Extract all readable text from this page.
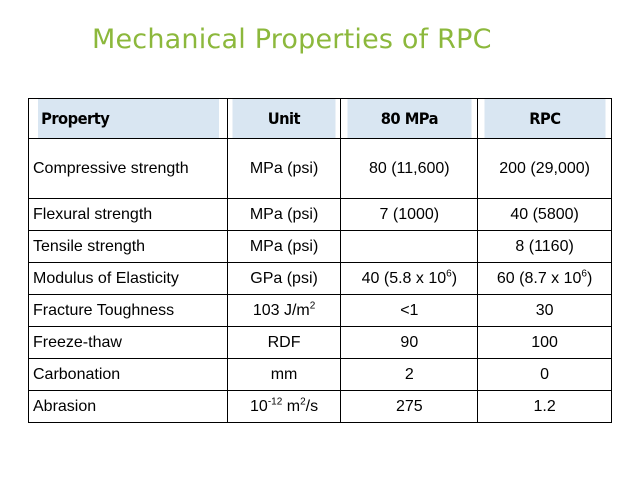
Mechanical Properties of RPC
Property	Unit	80 MPa	RPC
Compressive strength	MPa (psi)	80 (11,600)	200 (29,000)
Flexural strength	MPa (psi)	7 (1000)	40 (5800)
Tensile strength	MPa (psi)		8 (1160)
Modulus of Elasticity	GPa (psi)	40 (5.8 x $10^6$)	60 (8.7 x $10^6$)
Fracture Toughness	103 $J/m^2$	<1	30
Freeze-thaw	RDF	90	100
Carbonation	mm	2	0
Abrasion	$10^{-12}$ $m^2/s$	275	1.2
